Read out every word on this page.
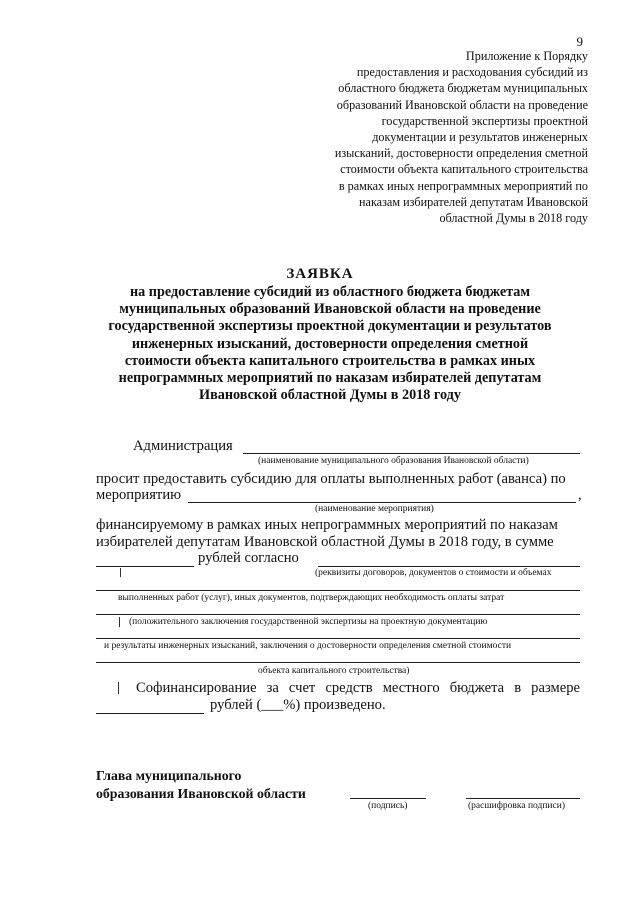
9
Приложение к Порядку
предоставления и расходования субсидий из
областного бюджета бюджетам муниципальных
образований Ивановской области на проведение
государственной экспертизы проектной
документации и результатов инженерных
изысканий, достоверности определения сметной
стоимости объекта капитального строительства
в рамках иных непрограммных мероприятий по
наказам избирателей депутатам Ивановской
областной Думы в 2018 году
ЗАЯВКА
на предоставление субсидий из областного бюджета бюджетам
муниципальных образований Ивановской области на проведение
государственной экспертизы проектной документации и результатов
инженерных изысканий, достоверности определения сметной
стоимости объекта капитального строительства в рамках иных
непрограммных мероприятий по наказам избирателей депутатам
Ивановской областной Думы в 2018 году
Администрация
(наименование муниципального образования Ивановской области)
просит предоставить субсидию для оплаты выполненных работ (аванса) по
мероприятию	,
(наименование мероприятия)
финансируемому в рамках иных непрограммных мероприятий по наказам
избирателей депутатам Ивановской областной Думы в 2018 году, в сумме
рублей согласно
(реквизиты договоров, документов о стоимости и объемах
выполненных работ (услуг), иных документов, подтверждающих необходимость оплаты затрат
(положительного заключения государственной экспертизы на проектную документацию
и результаты инженерных изысканий, заключения о достоверности определения сметной стоимости
объекта капитального строительства)
Софинансирование за счет средств местного бюджета в размере
рублей (___%) произведено.
Глава муниципального
образования Ивановской области
(подпись)	(расшифровка подписи)
